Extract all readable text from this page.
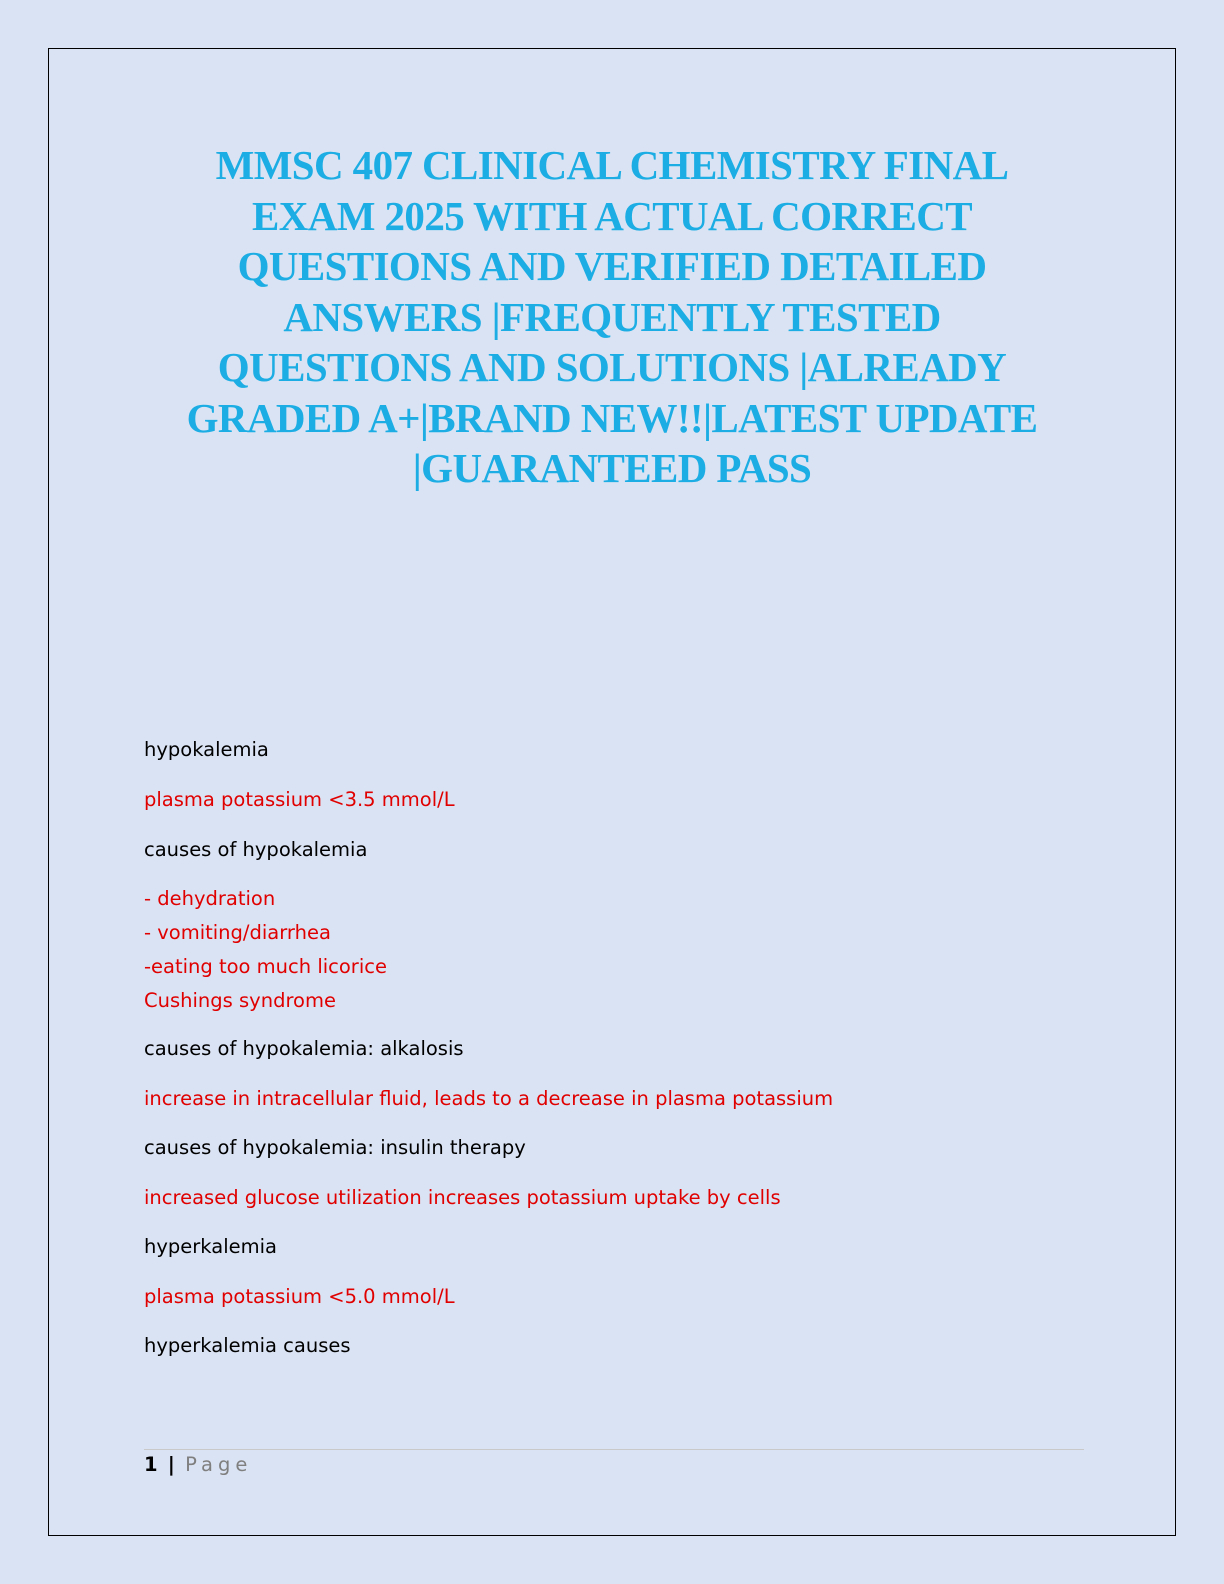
MMSC 407 CLINICAL CHEMISTRY FINAL
EXAM 2025 WITH ACTUAL CORRECT
QUESTIONS AND VERIFIED DETAILED
ANSWERS |FREQUENTLY TESTED
QUESTIONS AND SOLUTIONS |ALREADY
GRADED A+|BRAND NEW!!|LATEST UPDATE
|GUARANTEED PASS

hypokalemia

plasma potassium <3.5 mmol/L

causes of hypokalemia

- dehydration
- vomiting/diarrhea
-eating too much licorice
Cushings syndrome

causes of hypokalemia: alkalosis

increase in intracellular fluid, leads to a decrease in plasma potassium

causes of hypokalemia: insulin therapy

increased glucose utilization increases potassium uptake by cells

hyperkalemia

plasma potassium <5.0 mmol/L

hyperkalemia causes

1 | Page
